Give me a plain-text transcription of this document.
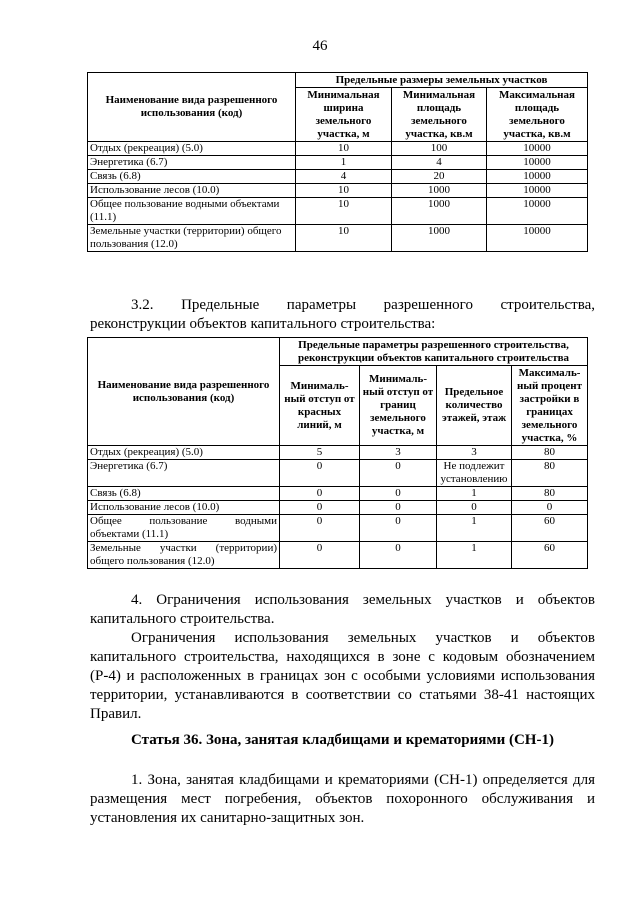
46
Наименование вида разрешенного использования (код)	Предельные размеры земельных участков		
	Минимальная ширина земельного участка, м	Минимальная площадь земельного участка, кв.м	Максимальная площадь земельного участка, кв.м
Отдых (рекреация) (5.0)	10	100	10000
Энергетика (6.7)	1	4	10000
Связь (6.8)	4	20	10000
Использование лесов (10.0)	10	1000	10000
Общее пользование водными объектами (11.1)	10	1000	10000
Земельные участки (территории) общего пользования (12.0)	10	1000	10000
3.2. Предельные параметры разрешенного строительства, реконструкции объектов капитального строительства:
Наименование вида разрешенного использования (код)	Предельные параметры разрешенного строительства, реконструкции объектов капитального строительства			
	Минималь-ный отступ от красных линий, м	Минималь-ный отступ от границ земельного участка, м	Предельное количество этажей, этаж	Максималь-ный процент застройки в границах земельного участка, %
Отдых (рекреация) (5.0)	5	3	3	80
Энергетика (6.7)	0	0	Не подлежит установлению	80
Связь (6.8)	0	0	1	80
Использование лесов (10.0)	0	0	0	0
Общее пользование водными объектами (11.1)	0	0	1	60
Земельные участки (территории) общего пользования (12.0)	0	0	1	60
4. Ограничения использования земельных участков и объектов капитального строительства.
Ограничения использования земельных участков и объектов капитального строительства, находящихся в зоне с кодовым обозначением (Р-4) и расположенных в границах зон с особыми условиями использования территории, устанавливаются в соответствии со статьями 38-41 настоящих Правил.
Статья 36. Зона, занятая кладбищами и крематориями (СН-1)
1. Зона, занятая кладбищами и крематориями (СН-1) определяется для размещения мест погребения, объектов похоронного обслуживания и установления их санитарно-защитных зон.
